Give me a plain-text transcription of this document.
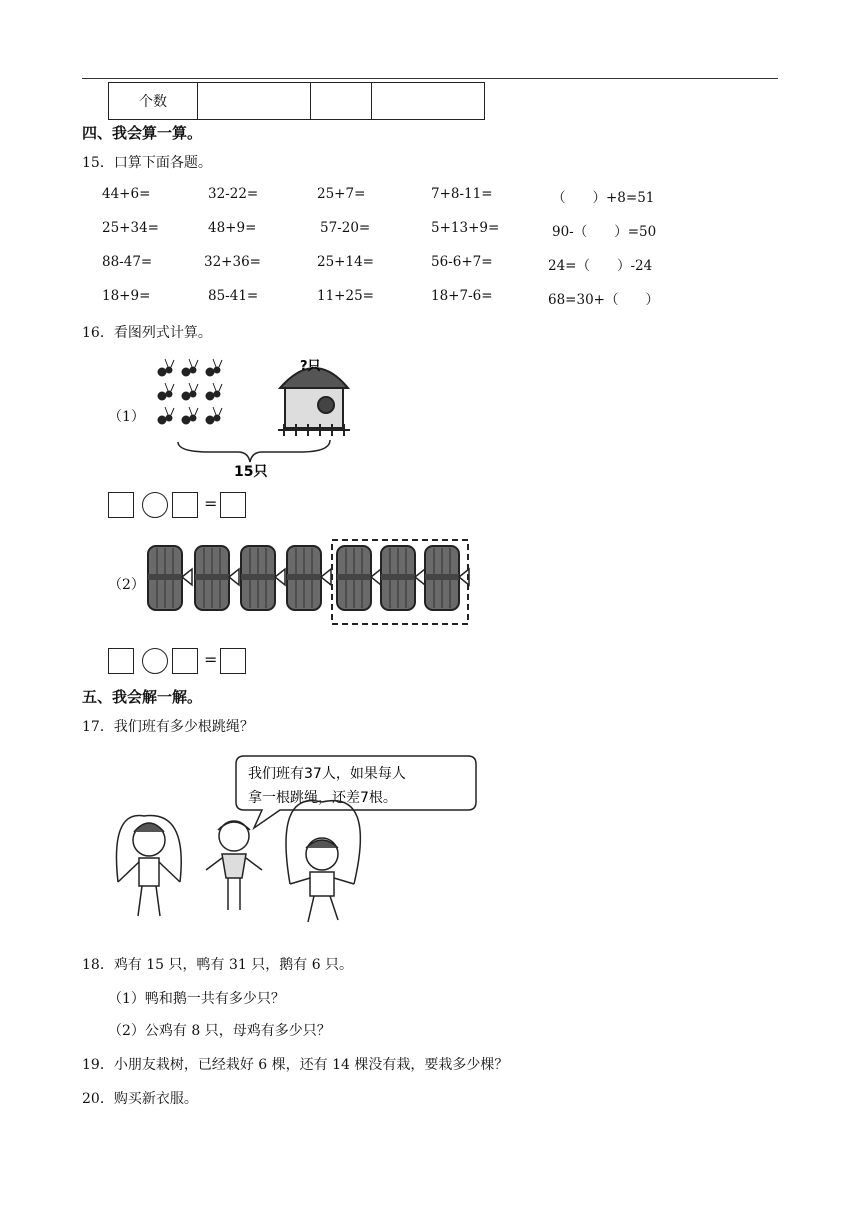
个数			
四、我会算一算。
15．口算下面各题。
44+6=	32-22=	25+7=	7+8-11=	（　　）+8=51
25+34=	48+9=	57-20=	5+13+9=	90-（　　）=50
88-47=	32+36=	25+14=	56-6+7=	24=（　　）-24
18+9=	85-41=	11+25=	18+7-6=	68=30+（　　）
16．看图列式计算。
（1）
?只
15只
=
（2）
=
五、我会解一解。
17．我们班有多少根跳绳？
我们班有37人，如果每人
拿一根跳绳，还差7根。
18．鸡有 15 只，鸭有 31 只，鹅有 6 只。
（1）鸭和鹅一共有多少只？
（2）公鸡有 8 只，母鸡有多少只？
19．小朋友栽树，已经栽好 6 棵，还有 14 棵没有栽，要栽多少棵？
20．购买新衣服。
